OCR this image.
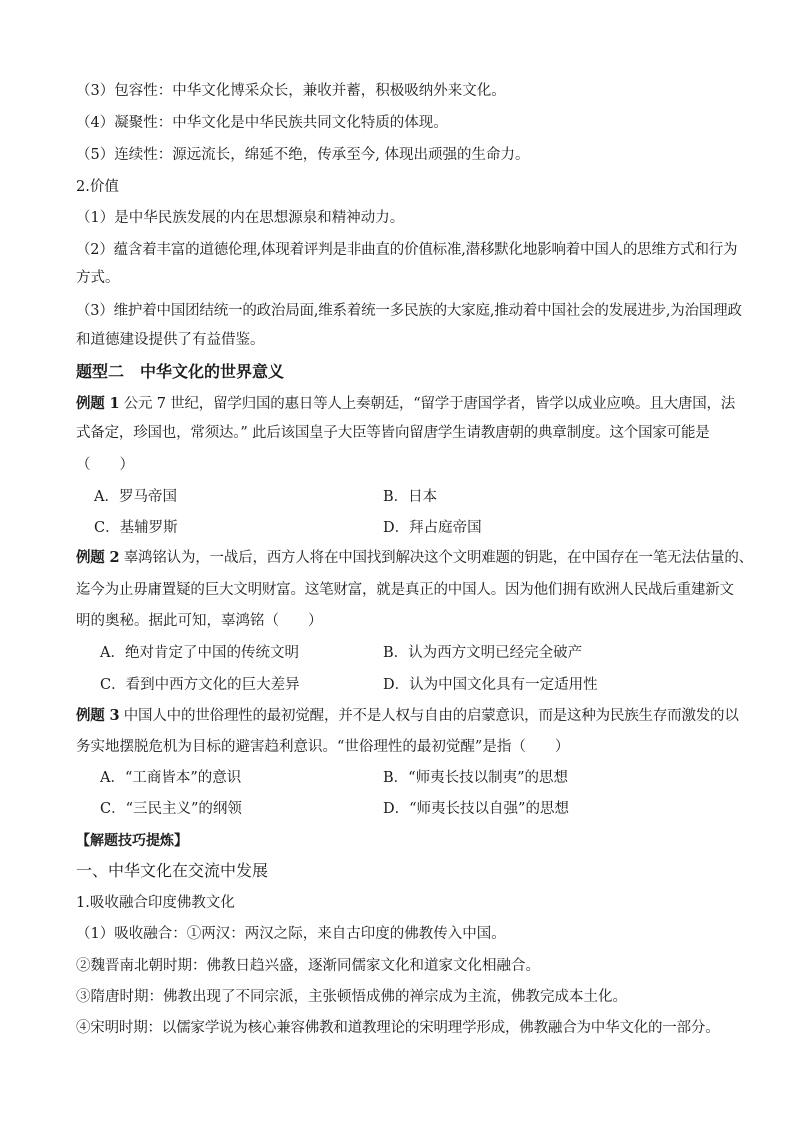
（3）包容性：中华文化博采众长，兼收并蓄，积极吸纳外来文化。
（4）凝聚性：中华文化是中华民族共同文化特质的体现。
（5）连续性：源远流长，绵延不绝，传承至今, 体现出顽强的生命力。
2.价值
（1）是中华民族发展的内在思想源泉和精神动力。
（2）蕴含着丰富的道德伦理,体现着评判是非曲直的价值标准,潜移默化地影响着中国人的思维方式和行为
方式。
（3）维护着中国团结统一的政治局面,维系着统一多民族的大家庭,推动着中国社会的发展进步,为治国理政
和道德建设提供了有益借鉴。
题型二　中华文化的世界意义
例题 1 公元 7 世纪，留学归国的惠日等人上奏朝廷，“留学于唐国学者，皆学以成业应唤。且大唐国，法
式备定，珍国也，常须达。” 此后该国皇子大臣等皆向留唐学生请教唐朝的典章制度。这个国家可能是
（　　）
A．罗马帝国	B．日本
C．基辅罗斯	D．拜占庭帝国
例题 2 辜鸿铭认为，一战后，西方人将在中国找到解决这个文明难题的钥匙，在中国存在一笔无法估量的、
迄今为止毋庸置疑的巨大文明财富。这笔财富，就是真正的中国人。因为他们拥有欧洲人民战后重建新文
明的奥秘。据此可知，辜鸿铭（　　）
A．绝对肯定了中国的传统文明	B．认为西方文明已经完全破产
C．看到中西方文化的巨大差异	D．认为中国文化具有一定适用性
例题 3 中国人中的世俗理性的最初觉醒，并不是人权与自由的启蒙意识，而是这种为民族生存而激发的以
务实地摆脱危机为目标的避害趋利意识。“世俗理性的最初觉醒”是指（　　）
A．“工商皆本”的意识	B．“师夷长技以制夷”的思想
C．“三民主义”的纲领	D．“师夷长技以自强”的思想
【解题技巧提炼】
一、中华文化在交流中发展
1.吸收融合印度佛教文化
（1）吸收融合：①两汉：两汉之际，来自古印度的佛教传入中国。
②魏晋南北朝时期：佛教日趋兴盛，逐渐同儒家文化和道家文化相融合。
③隋唐时期：佛教出现了不同宗派，主张顿悟成佛的禅宗成为主流，佛教完成本土化。
④宋明时期：以儒家学说为核心兼容佛教和道教理论的宋明理学形成，佛教融合为中华文化的一部分。
